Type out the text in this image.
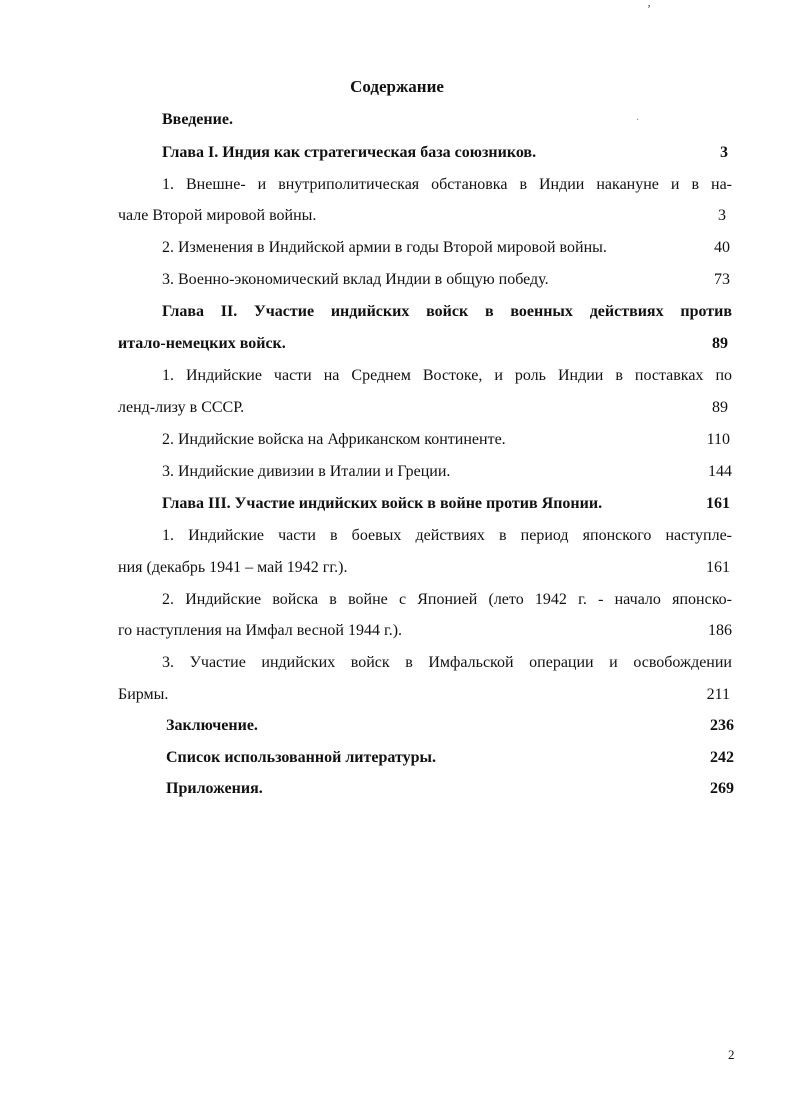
ʼ
·
Содержание
Введение.
Глава I. Индия как стратегическая база союзников.	3
1. Внешне- и внутриполитическая обстановка в Индии накануне и в на-
чале Второй мировой войны.	3
2. Изменения в Индийской армии в годы Второй мировой войны.	40
3. Военно-экономический вклад Индии в общую победу.	73
Глава II. Участие индийских войск в военных действиях против
итало-немецких войск.	89
1. Индийские части на Среднем Востоке, и роль Индии в поставках по
ленд-лизу в СССР.	89
2. Индийские войска на Африканском континенте.	110
3. Индийские дивизии в Италии и Греции.	144
Глава III. Участие индийских войск в войне против Японии.	161
1. Индийские части в боевых действиях в период японского наступле-
ния (декабрь 1941 – май 1942 гг.).	161
2. Индийские войска в войне с Японией (лето 1942 г. - начало японско-
го наступления на Имфал весной 1944 г.).	186
3. Участие индийских войск в Имфальской операции и освобождении
Бирмы.	211
Заключение.	236
Список использованной литературы.	242
Приложения.	269
2
